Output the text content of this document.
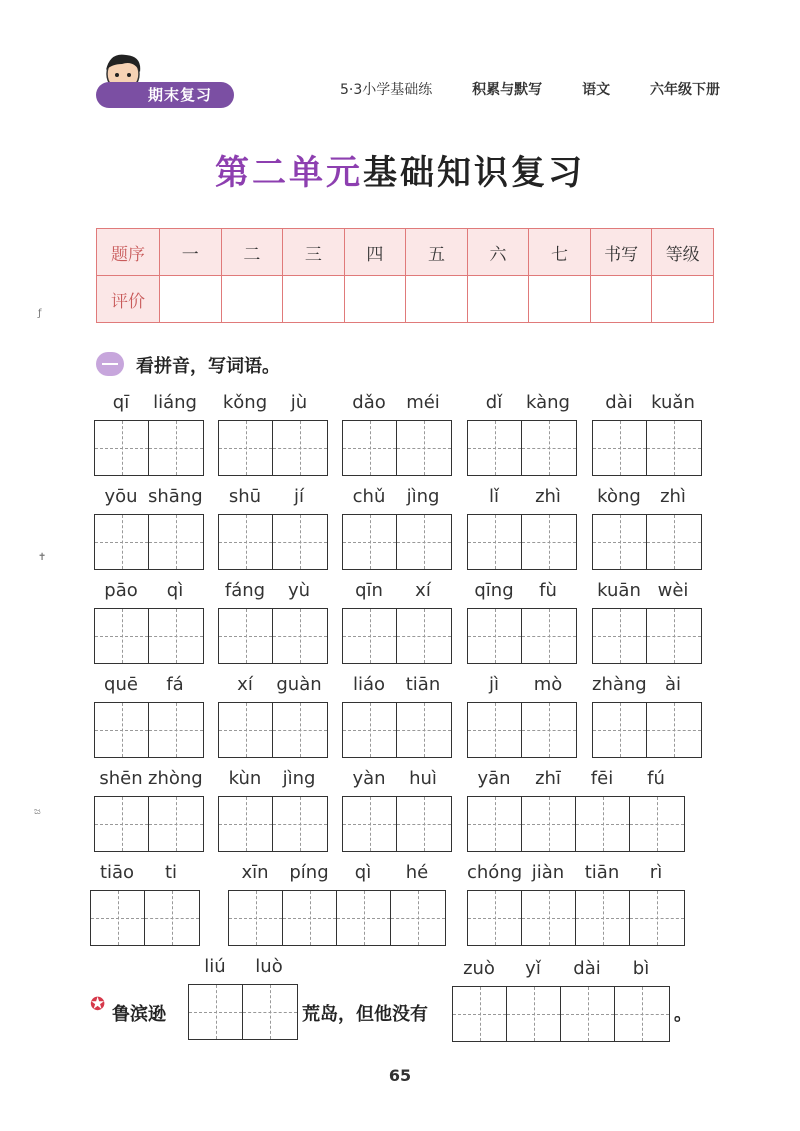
期末复习	5·3小学基础练	积累与默写	语文	六年级下册
第二单元基础知识复习
题序	一	二	三	四	五	六	七	书写	等级
评价									
看拼音，写词语。
qī	liáng kǒng	jù	dǎo	méi	dǐ	kàng	dài	kuǎn
yōu shāng	shū	jí	chǔ	jìng	lǐ	zhì	kòng	zhì
pāo	qì	fáng	yù	qīn	xí	qīng	fù	kuān wèi
quē	fá	xí	guàn	liáo	tiān	jì	mò	zhàng	ài
shēn zhòng	kùn	jìng	yàn	huì	yān	zhī	fēi	fú
tiāo	ti	xīn	píng	qì	hé	chóng jiàn	tiān	rì
✪ 鲁滨逊
liú	luò
荒岛，但他没有
zuò	yǐ	dài	bì
。
65
ƒ
✝
ಜ
